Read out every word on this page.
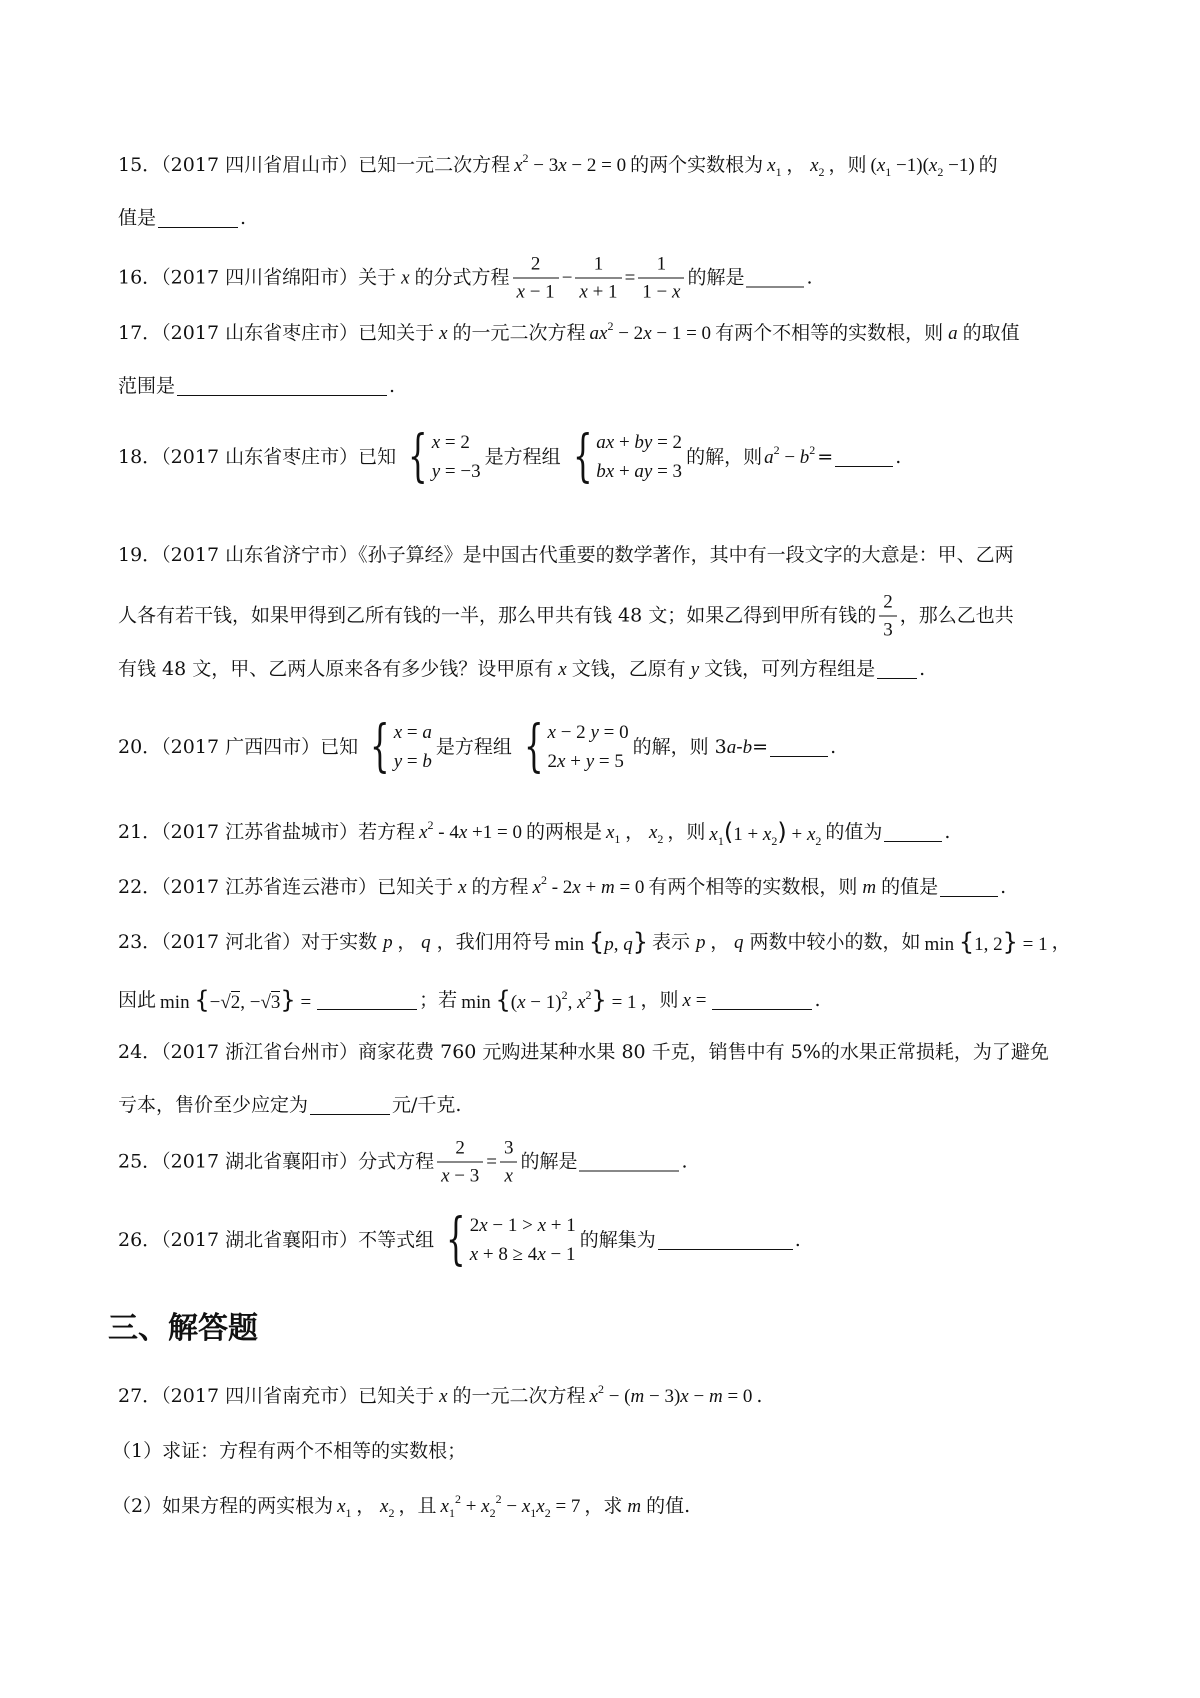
15．（2017 四川省眉山市）已知一元二次方程 $x^2 - 3x - 2 = 0$ 的两个实数根为 $x_1$ ， $x_2$ ，则 $(x_1 -1)(x_2 -1)$ 的
值是	.
16．（2017 四川省绵阳市）关于 x 的分式方程 $\frac{2}{x - 1} - \frac{1}{x + 1} = \frac{1}{1 - x}$ 的解是	.
17．（2017 山东省枣庄市）已知关于 x 的一元二次方程 $ax^2 - 2x - 1 = 0$ 有两个不相等的实数根，则 a 的取值
范围是	.
18．（2017 山东省枣庄市）已知 { x = 2
y = −3
是方程组 { ax + by = 2
bx + ay = 3
的解，则 $a^2 - b^2$ =	.
19．（2017 山东省济宁市）《孙子算经》是中国古代重要的数学著作，其中有一段文字的大意是：甲、乙两
人各有若干钱，如果甲得到乙所有钱的一半，那么甲共有钱 48 文；如果乙得到甲所有钱的 $\frac{2}{3}$ ，那么乙也共
有钱 48 文，甲、乙两人原来各有多少钱？设甲原有 x 文钱，乙原有 y 文钱，可列方程组是 .
20．（2017 广西四市）已知 { x = a
y = b
是方程组 { x − 2 y = 0
2x + y = 5
的解，则 3 a - b =	.
21．（2017 江苏省盐城市）若方程 $x^2 - 4x +1 = 0$ 的两根是 $x_1$ ， $x_2$ ，则 $x_1(1 + x_2) + x_2$ 的值为	.
22．（2017 江苏省连云港市）已知关于 x 的方程 $x^2 - 2x + m = 0$ 有两个相等的实数根，则 m 的值是	.
23．（2017 河北省）对于实数 p ， q ，我们用符号 min {p, q} 表示 p ， q 两数中较小的数，如 min {1, 2} = 1 ，
因此 min {−√2, −√3} =	；若 $\min \{(x - 1)^2$, $x^2\} = 1$ ，则 x =	.
24．（2017 浙江省台州市）商家花费 760 元购进某种水果 80 千克，销售中有 5%的水果正常损耗，为了避免
亏本，售价至少应定为	元/千克.
25．（2017 湖北省襄阳市）分式方程 $\frac{2}{x - 3} = \frac{3}{x}$ 的解是	.
26．（2017 湖北省襄阳市）不等式组 { 2x − 1 > x + 1
x + 8 ≥ 4x − 1
的解集为	.
三、解答题
27．（2017 四川省南充市）已知关于 x 的一元二次方程 $x^2 - (m - 3)x - m = 0$ .
（1）求证：方程有两个不相等的实数根；
（2）如果方程的两实根为 $x_1$ ， $x_2$ ，且 $x_1^2 + x_2^2 - x_1x_2 = 7$ ，求 m 的值.
